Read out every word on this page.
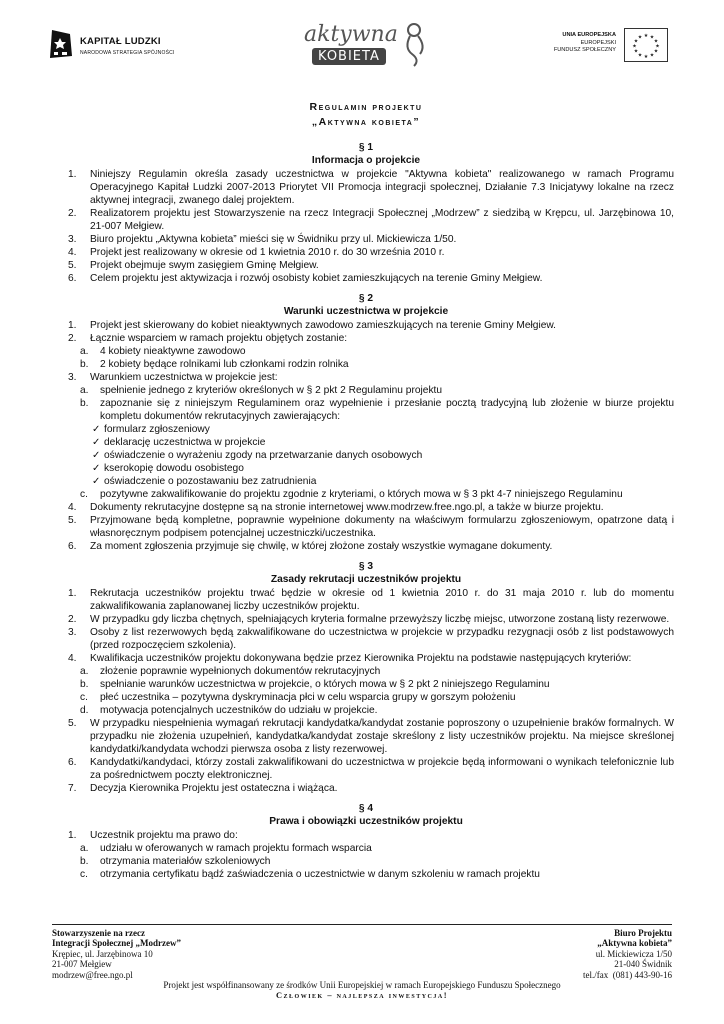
KAPITAŁ LUDZKI
NARODOWA STRATEGIA SPÓJNOŚCI
aktywna
KOBIETA
UNIA EUROPEJSKA
EUROPEJSKI
FUNDUSZ SPOŁECZNY
★ ★
★
★
★
★
★
★
★
★
★
★
Regulamin projektu
„Aktywna kobieta”
§ 1
Informacja o projekcie
1. Niniejszy Regulamin określa zasady uczestnictwa w projekcie "Aktywna kobieta" realizowanego w ramach Programu Operacyjnego Kapitał Ludzki 2007-2013 Priorytet VII Promocja integracji społecznej, Działanie 7.3 Inicjatywy lokalne na rzecz aktywnej integracji, zwanego dalej projektem.
2. Realizatorem projektu jest Stowarzyszenie na rzecz Integracji Społecznej „Modrzew” z siedzibą w Krępcu, ul. Jarzębinowa 10, 21-007 Mełgiew.
3. Biuro projektu „Aktywna kobieta” mieści się w Świdniku przy ul. Mickiewicza 1/50.
4. Projekt jest realizowany w okresie od 1 kwietnia 2010 r. do 30 września 2010 r.
5. Projekt obejmuje swym zasięgiem Gminę Mełgiew.
6. Celem projektu jest aktywizacja i rozwój osobisty kobiet zamieszkujących na terenie Gminy Mełgiew.
§ 2
Warunki uczestnictwa w projekcie
1. Projekt jest skierowany do kobiet nieaktywnych zawodowo zamieszkujących na terenie Gminy Mełgiew.
2. Łącznie wsparciem w ramach projektu objętych zostanie:
a. 4 kobiety nieaktywne zawodowo
b. 2 kobiety będące rolnikami lub członkami rodzin rolnika
3. Warunkiem uczestnictwa w projekcie jest:
a. spełnienie jednego z kryteriów określonych w § 2 pkt 2 Regulaminu projektu
b. zapoznanie się z niniejszym Regulaminem oraz wypełnienie i przesłanie pocztą tradycyjną lub złożenie w biurze projektu kompletu dokumentów rekrutacyjnych zawierających:
✓ formularz zgłoszeniowy
✓ deklarację uczestnictwa w projekcie
✓ oświadczenie o wyrażeniu zgody na przetwarzanie danych osobowych
✓ kserokopię dowodu osobistego
✓ oświadczenie o pozostawaniu bez zatrudnienia
c. pozytywne zakwalifikowanie do projektu zgodnie z kryteriami, o których mowa w § 3 pkt 4-7 niniejszego Regulaminu
4. Dokumenty rekrutacyjne dostępne są na stronie internetowej www.modrzew.free.ngo.pl, a także w biurze projektu.
5. Przyjmowane będą kompletne, poprawnie wypełnione dokumenty na właściwym formularzu zgłoszeniowym, opatrzone datą i własnoręcznym podpisem potencjalnej uczestniczki/uczestnika.
6. Za moment zgłoszenia przyjmuje się chwilę, w której złożone zostały wszystkie wymagane dokumenty.
§ 3
Zasady rekrutacji uczestników projektu
1. Rekrutacja uczestników projektu trwać będzie w okresie od 1 kwietnia 2010 r. do 31 maja 2010 r. lub do momentu zakwalifikowania zaplanowanej liczby uczestników projektu.
2. W przypadku gdy liczba chętnych, spełniających kryteria formalne przewyższy liczbę miejsc, utworzone zostaną listy rezerwowe.
3. Osoby z list rezerwowych będą zakwalifikowane do uczestnictwa w projekcie w przypadku rezygnacji osób z list podstawowych (przed rozpoczęciem szkolenia).
4. Kwalifikacja uczestników projektu dokonywana będzie przez Kierownika Projektu na podstawie następujących kryteriów:
a. złożenie poprawnie wypełnionych dokumentów rekrutacyjnych
b. spełnianie warunków uczestnictwa w projekcie, o których mowa w § 2 pkt 2 niniejszego Regulaminu
c. płeć uczestnika – pozytywna dyskryminacja płci w celu wsparcia grupy w gorszym położeniu
d. motywacja potencjalnych uczestników do udziału w projekcie.
5. W przypadku niespełnienia wymagań rekrutacji kandydatka/kandydat zostanie poproszony o uzupełnienie braków formalnych. W przypadku nie złożenia uzupełnień, kandydatka/kandydat zostaje skreślony z listy uczestników projektu. Na miejsce skreślonej kandydatki/kandydata wchodzi pierwsza osoba z listy rezerwowej.
6. Kandydatki/kandydaci, którzy zostali zakwalifikowani do uczestnictwa w projekcie będą informowani o wynikach telefonicznie lub za pośrednictwem poczty elektronicznej.
7. Decyzja Kierownika Projektu jest ostateczna i wiążąca.
§ 4
Prawa i obowiązki uczestników projektu
1. Uczestnik projektu ma prawo do:
a. udziału w oferowanych w ramach projektu formach wsparcia
b. otrzymania materiałów szkoleniowych
c. otrzymania certyfikatu bądź zaświadczenia o uczestnictwie w danym szkoleniu w ramach projektu
Stowarzyszenie na rzecz
Integracji Społecznej „Modrzew”
Krępiec, ul. Jarzębinowa 10
21-007 Mełgiew
modrzew@free.ngo.pl
Biuro Projektu
„Aktywna kobieta”
ul. Mickiewicza 1/50
21-040 Świdnik
tel./fax  (081) 443-90-16
Projekt jest współfinansowany ze środków Unii Europejskiej w ramach Europejskiego Funduszu Społecznego
Człowiek – najlepsza inwestycja!
